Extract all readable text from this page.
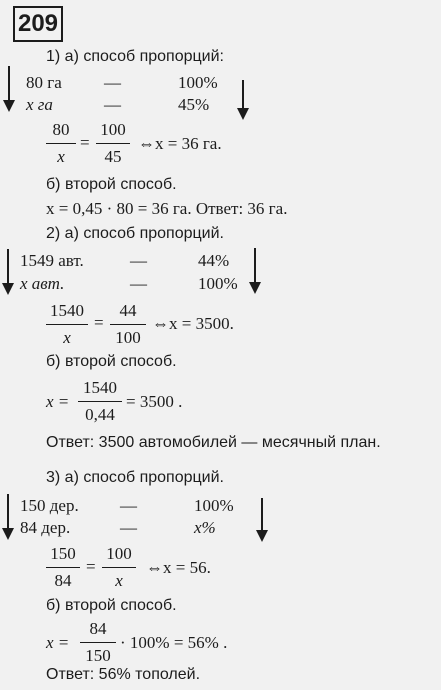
209
1) а) способ пропорций:
80 га —	100%
x га	—	45%
80
x
=
100
45
⇔x = 36 га.
б) второй способ.
x = 0,45 · 80 = 36 га. Ответ: 36 га.
2) а) способ пропорций.
1549 авт.	—	44%
x авт.	—	100%
1540
x
=
44
100
⇔x = 3500.
б) второй способ.
x =
1540
0,44
= 3500 .
Ответ: 3500 автомобилей — месячный план.
3) а) способ пропорций.
150 дер. —	100%
84 дер.	—	x%
150
84
=
100
x
⇔x = 56.
б) второй способ.
x =
84
150
· 100% = 56% .
Ответ: 56% тополей.
